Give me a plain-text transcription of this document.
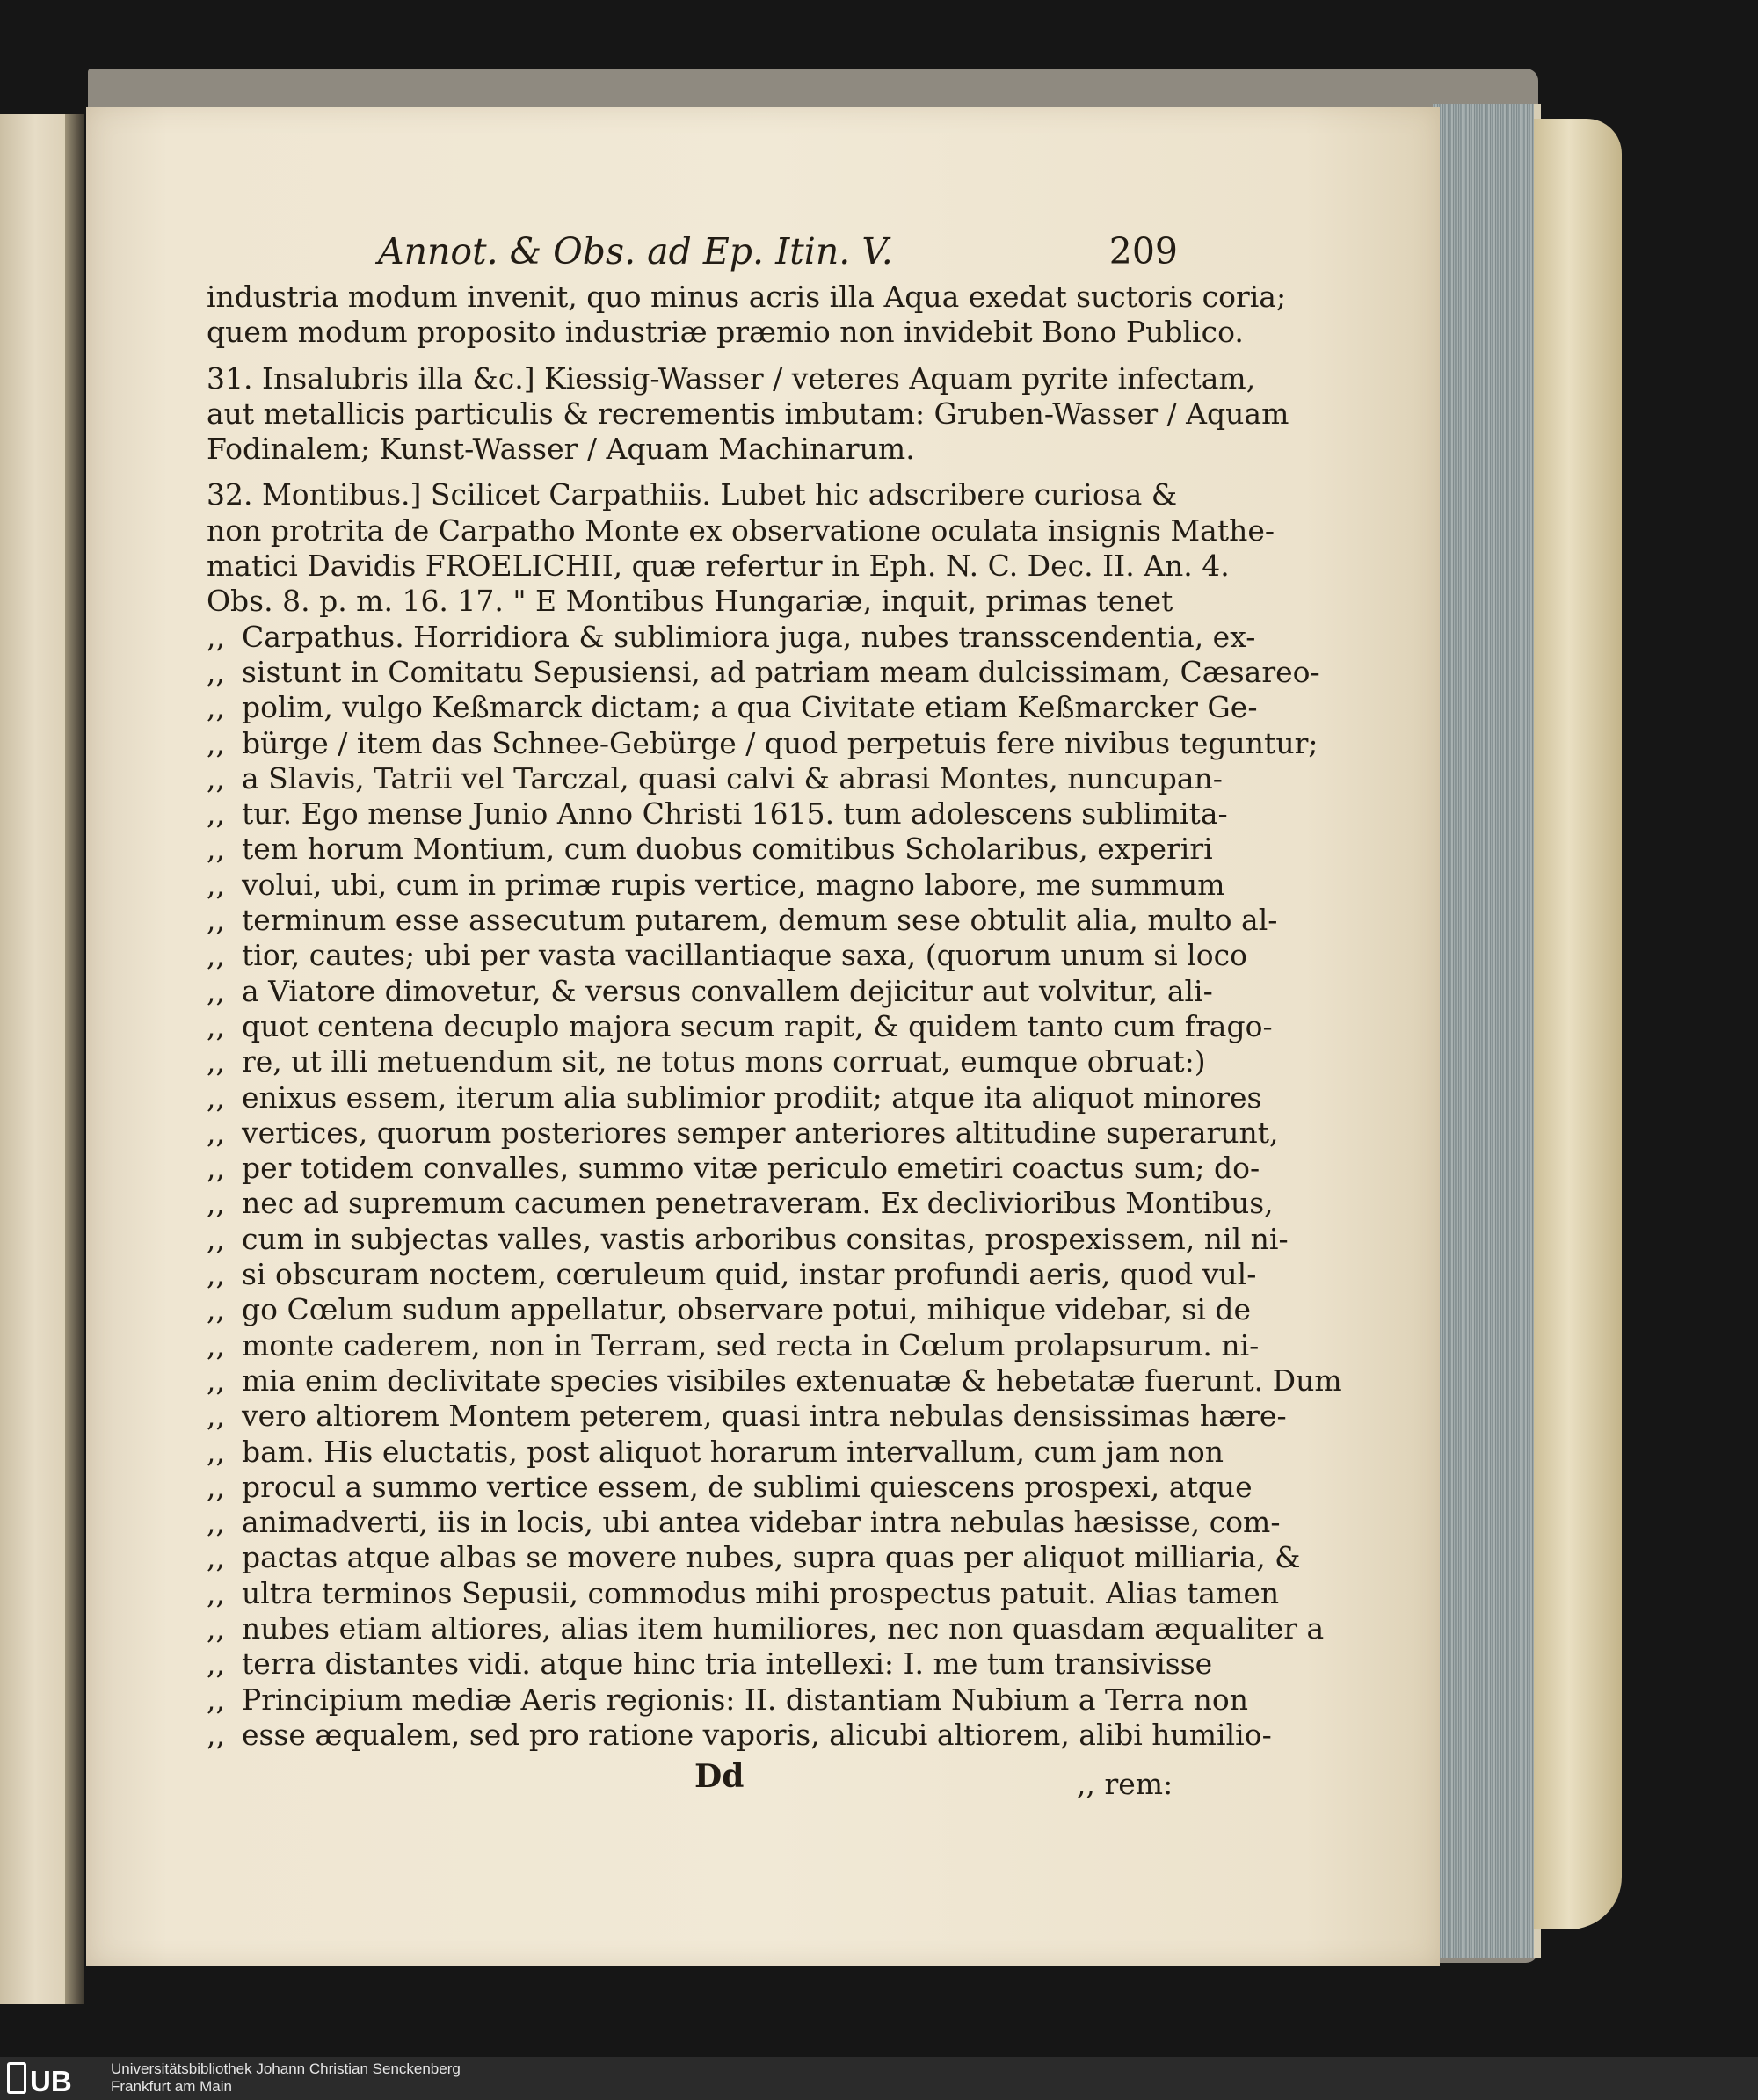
Annot. & Obs. ad Ep. Itin. V.	209
industria modum invenit, quo minus acris illa Aqua exedat suctoris coria;
quem modum proposito industriæ præmio non invidebit Bono Publico.
31. Insalubris illa &c.] Kiessig-Wasser / veteres Aquam pyrite infectam,
aut metallicis particulis & recrementis imbutam: Gruben-Wasser / Aquam
Fodinalem; Kunst-Wasser / Aquam Machinarum.
32. Montibus.] Scilicet Carpathiis. Lubet hic adscribere curiosa &
non protrita de Carpatho Monte ex observatione oculata insignis Mathe-
matici Davidis FROELICHII, quæ refertur in Eph. N. C. Dec. II. An. 4.
Obs. 8. p. m. 16. 17. " E Montibus Hungariæ, inquit, primas tenet
,, Carpathus. Horridiora & sublimiora juga, nubes transscendentia, ex-
,, sistunt in Comitatu Sepusiensi, ad patriam meam dulcissimam, Cæsareo-
,, polim, vulgo Keßmarck dictam; a qua Civitate etiam Keßmarcker Ge-
,, bürge / item das Schnee-Gebürge / quod perpetuis fere nivibus teguntur;
,, a Slavis, Tatrii vel Tarczal, quasi calvi & abrasi Montes, nuncupan-
,, tur. Ego mense Junio Anno Christi 1615. tum adolescens sublimita-
,, tem horum Montium, cum duobus comitibus Scholaribus, experiri
,, volui, ubi, cum in primæ rupis vertice, magno labore, me summum
,, terminum esse assecutum putarem, demum sese obtulit alia, multo al-
,, tior, cautes; ubi per vasta vacillantiaque saxa, (quorum unum si loco
,, a Viatore dimovetur, & versus convallem dejicitur aut volvitur, ali-
,, quot centena decuplo majora secum rapit, & quidem tanto cum frago-
,, re, ut illi metuendum sit, ne totus mons corruat, eumque obruat:)
,, enixus essem, iterum alia sublimior prodiit; atque ita aliquot minores
,, vertices, quorum posteriores semper anteriores altitudine superarunt,
,, per totidem convalles, summo vitæ periculo emetiri coactus sum; do-
,, nec ad supremum cacumen penetraveram. Ex declivioribus Montibus,
,, cum in subjectas valles, vastis arboribus consitas, prospexissem, nil ni-
,, si obscuram noctem, cœruleum quid, instar profundi aeris, quod vul-
,, go Cœlum sudum appellatur, observare potui, mihique videbar, si de
,, monte caderem, non in Terram, sed recta in Cœlum prolapsurum. ni-
,, mia enim declivitate species visibiles extenuatæ & hebetatæ fuerunt. Dum
,, vero altiorem Montem peterem, quasi intra nebulas densissimas hære-
,, bam. His eluctatis, post aliquot horarum intervallum, cum jam non
,, procul a summo vertice essem, de sublimi quiescens prospexi, atque
,, animadverti, iis in locis, ubi antea videbar intra nebulas hæsisse, com-
,, pactas atque albas se movere nubes, supra quas per aliquot milliaria, &
,, ultra terminos Sepusii, commodus mihi prospectus patuit. Alias tamen
,, nubes etiam altiores, alias item humiliores, nec non quasdam æqualiter a
,, terra distantes vidi. atque hinc tria intellexi: I. me tum transivisse
,, Principium mediæ Aeris regionis: II. distantiam Nubium a Terra non
,, esse æqualem, sed pro ratione vaporis, alicubi altiorem, alibi humilio-
Dd	,, rem:
UB	Universitätsbibliothek Johann Christian Senckenberg
Frankfurt am Main
